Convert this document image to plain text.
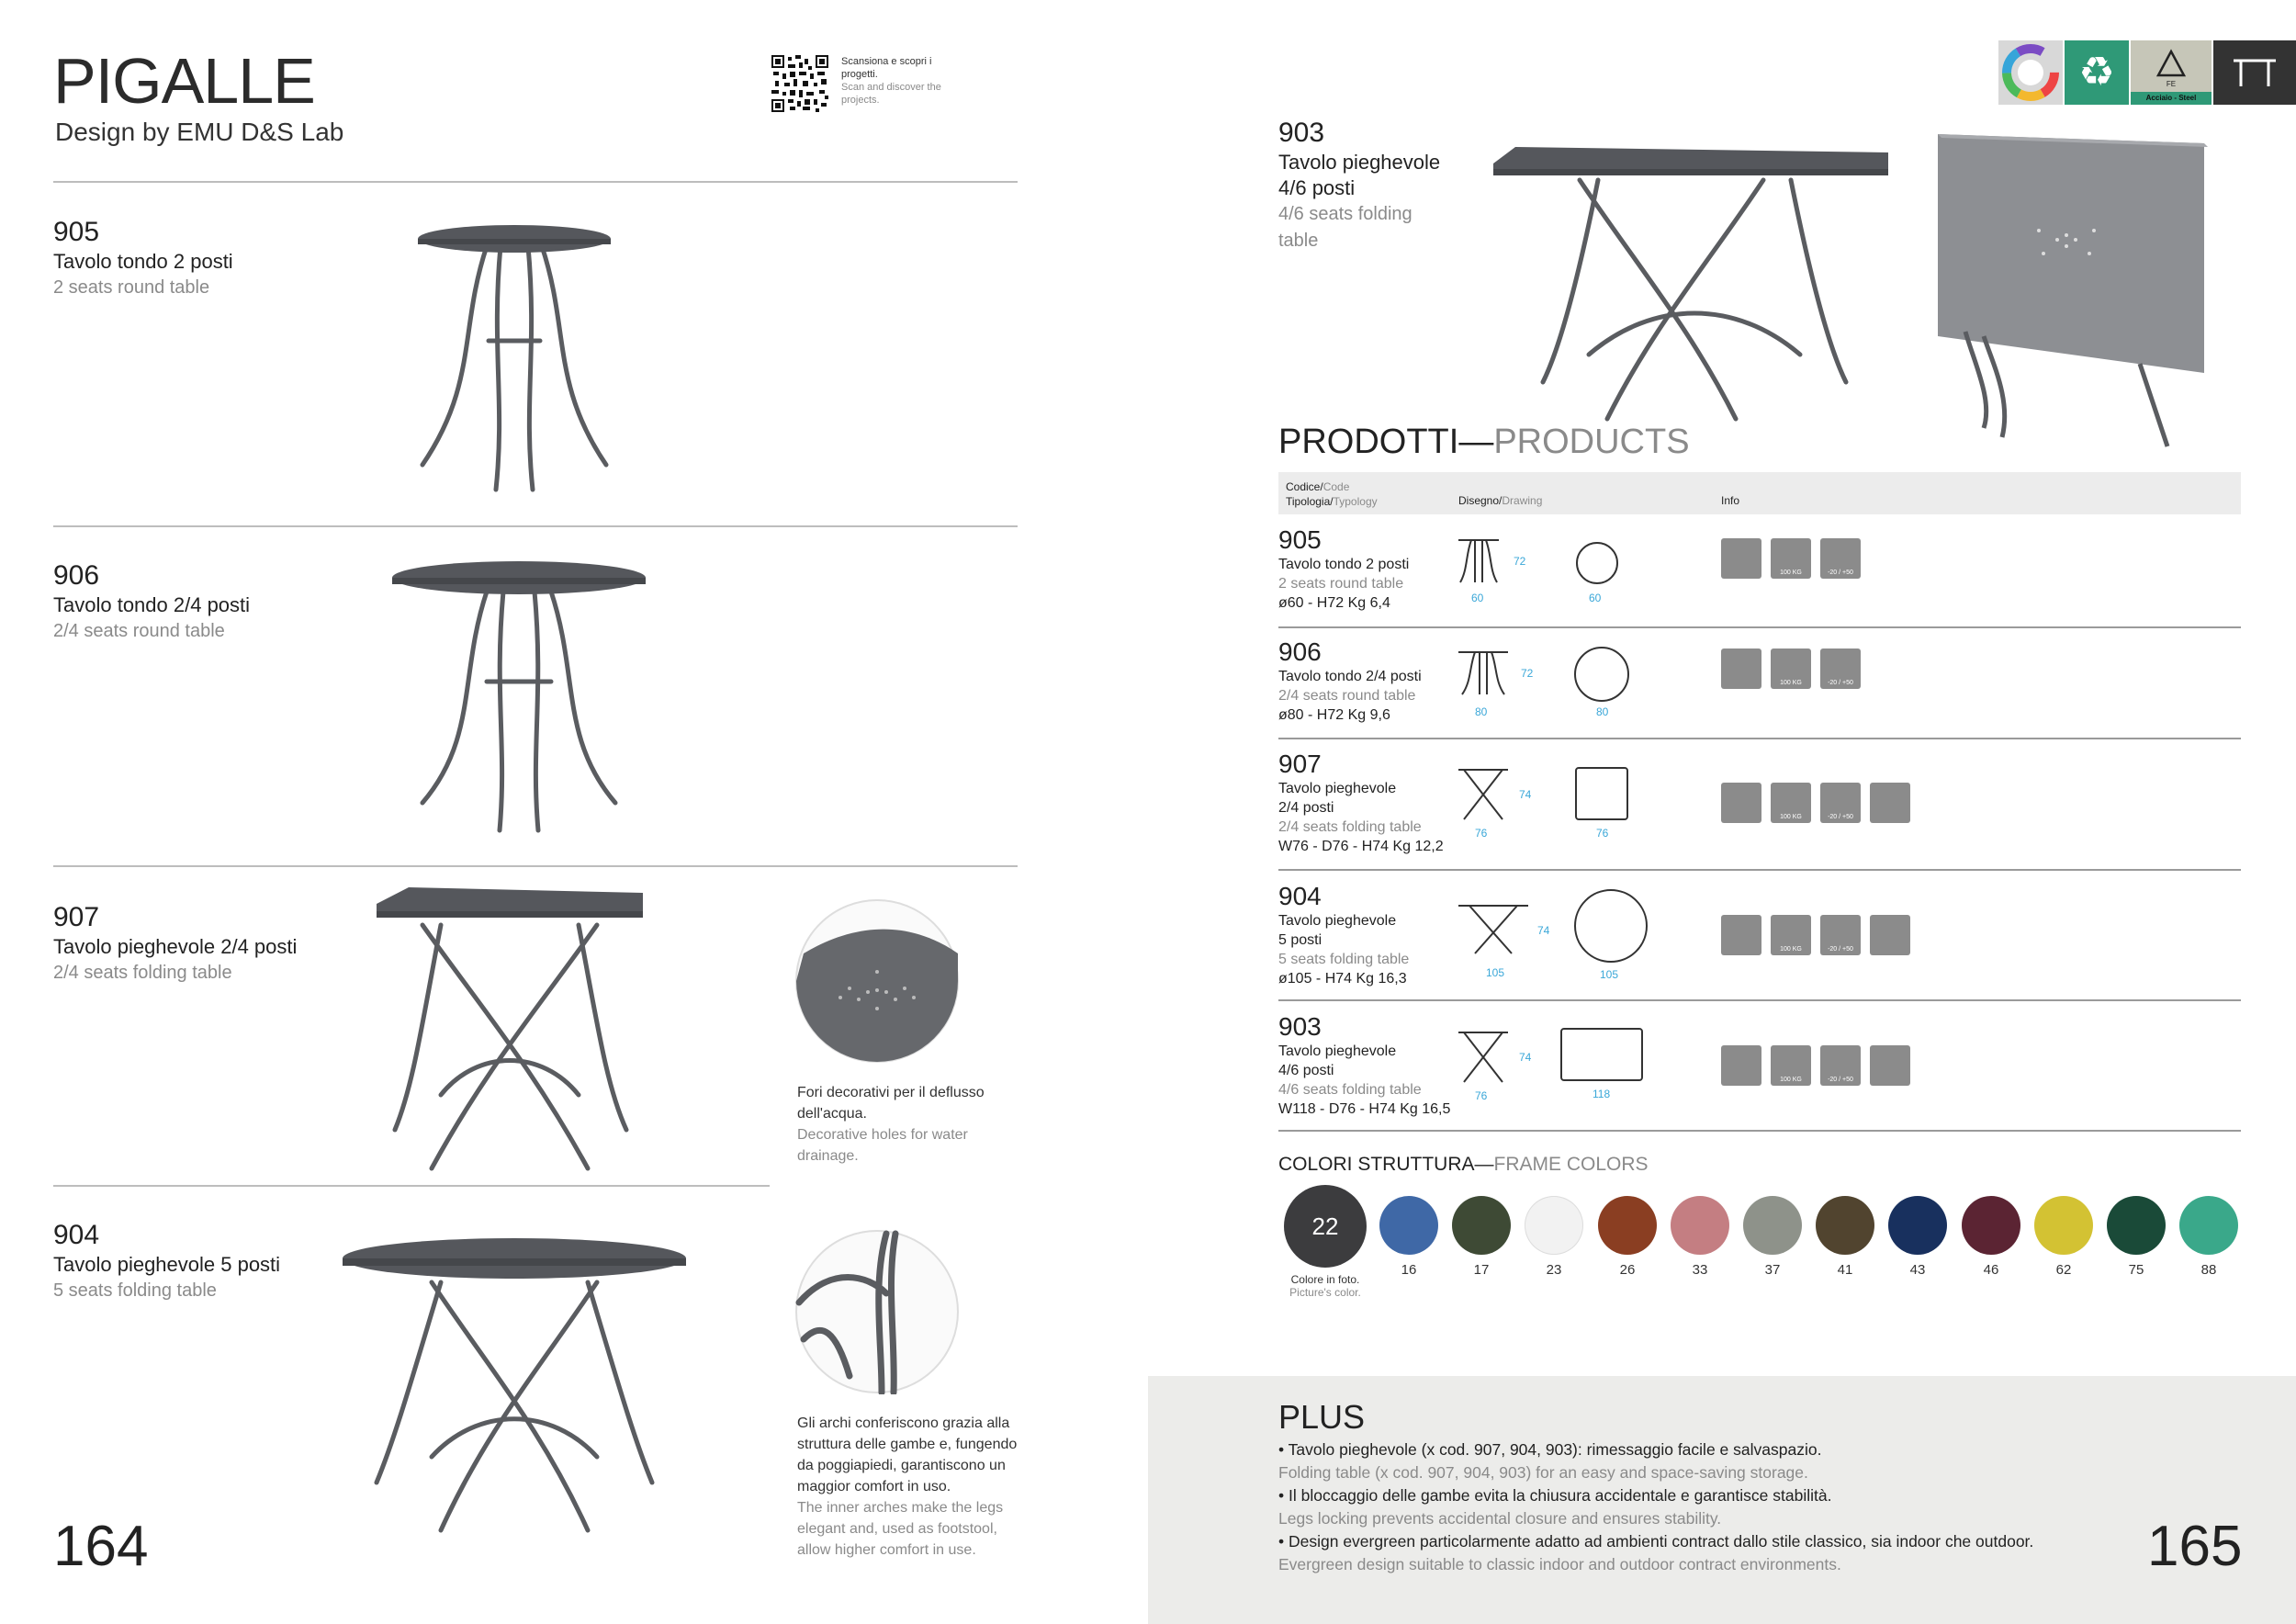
PIGALLE
Design by EMU D&S Lab
Scansiona e scopri i progetti.
Scan and discover the projects.
905
Tavolo tondo 2 posti
2 seats round table
906
Tavolo tondo 2/4 posti
2/4 seats round table
907
Tavolo pieghevole 2/4 posti
2/4 seats folding table
Fori decorativi per il deflusso dell'acqua.
Decorative holes for water drainage.
904
Tavolo pieghevole 5 posti
5 seats folding table
Gli archi conferiscono grazia alla struttura delle gambe e, fungendo da poggiapiedi, garantiscono un maggior comfort in uso.
The inner arches make the legs elegant and, used as footstool, allow higher comfort in use.
164
♻	FE
Acciaio - Steel
903
Tavolo pieghevole
4/6 posti
4/6 seats folding
table
PRODOTTI—PRODUCTS
Codice/Code
Tipologia/Typology	Disegno/Drawing	Info
905
Tavolo tondo 2 posti
2 seats round table
ø60 - H72 Kg 6,4
72
60	60
100 KG	-20 / +50
906
Tavolo tondo 2/4 posti
2/4 seats round table
ø80 - H72 Kg 9,6
72
80	80
100 KG	-20 / +50
907
Tavolo pieghevole
2/4 posti
2/4 seats folding table
W76 - D76 - H74 Kg 12,2
74
76	76
100 KG	-20 / +50
904
Tavolo pieghevole
5 posti
5 seats folding table
ø105 - H74 Kg 16,3
74
105	105
100 KG	-20 / +50
903
Tavolo pieghevole
4/6 posti
4/6 seats folding table
W118 - D76 - H74 Kg 16,5
74
76	118
100 KG	-20 / +50
COLORI STRUTTURA—FRAME COLORS
22
Colore in foto.
Picture's color.
16	17	23	26	33	37	41	43	46	62	75	88
PLUS
• Tavolo pieghevole (x cod. 907, 904, 903): rimessaggio facile e salvaspazio.
Folding table (x cod. 907, 904, 903) for an easy and space-saving storage.
• Il bloccaggio delle gambe evita la chiusura accidentale e garantisce stabilità.
Legs locking prevents accidental closure and ensures stability.
• Design evergreen particolarmente adatto ad ambienti contract dallo stile classico, sia indoor che outdoor.
Evergreen design suitable to classic indoor and outdoor contract environments.	165
